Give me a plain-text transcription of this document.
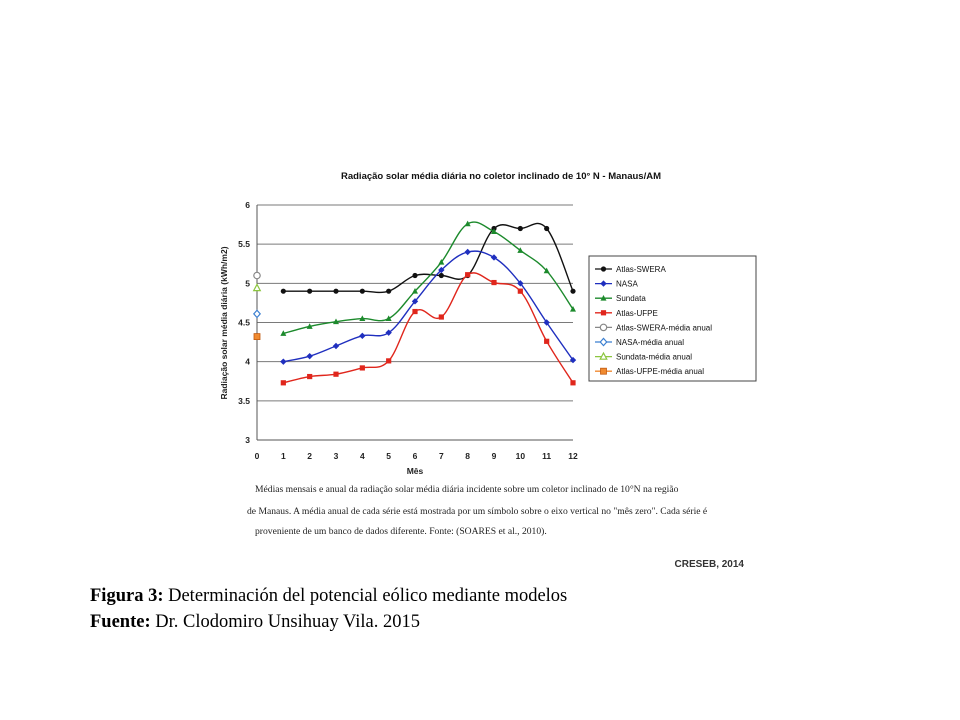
Radiação solar média diária no coletor inclinado de 10° N - Manaus/AM
3
3.5
4
4.5
5
5.5
6
0	1	2	3	4	5	6	7	8	9 10 11 12
Radiação solar média diária (kWh/m2)
Mês
Atlas-SWERA
NASA
Sundata
Atlas-UFPE
Atlas-SWERA-média anual
NASA-média anual
Sundata-média anual
Atlas-UFPE-média anual
Médias mensais e anual da radiação solar média diária incidente sobre um coletor inclinado de 10°N na região
de Manaus. A média anual de cada série está mostrada por um símbolo sobre o eixo vertical no "mês zero". Cada série é
proveniente de um banco de dados diferente. Fonte: (SOARES et al., 2010).
CRESEB, 2014
Figura 3: Determinación del potencial eólico mediante modelos
Fuente: Dr. Clodomiro Unsihuay Vila. 2015
